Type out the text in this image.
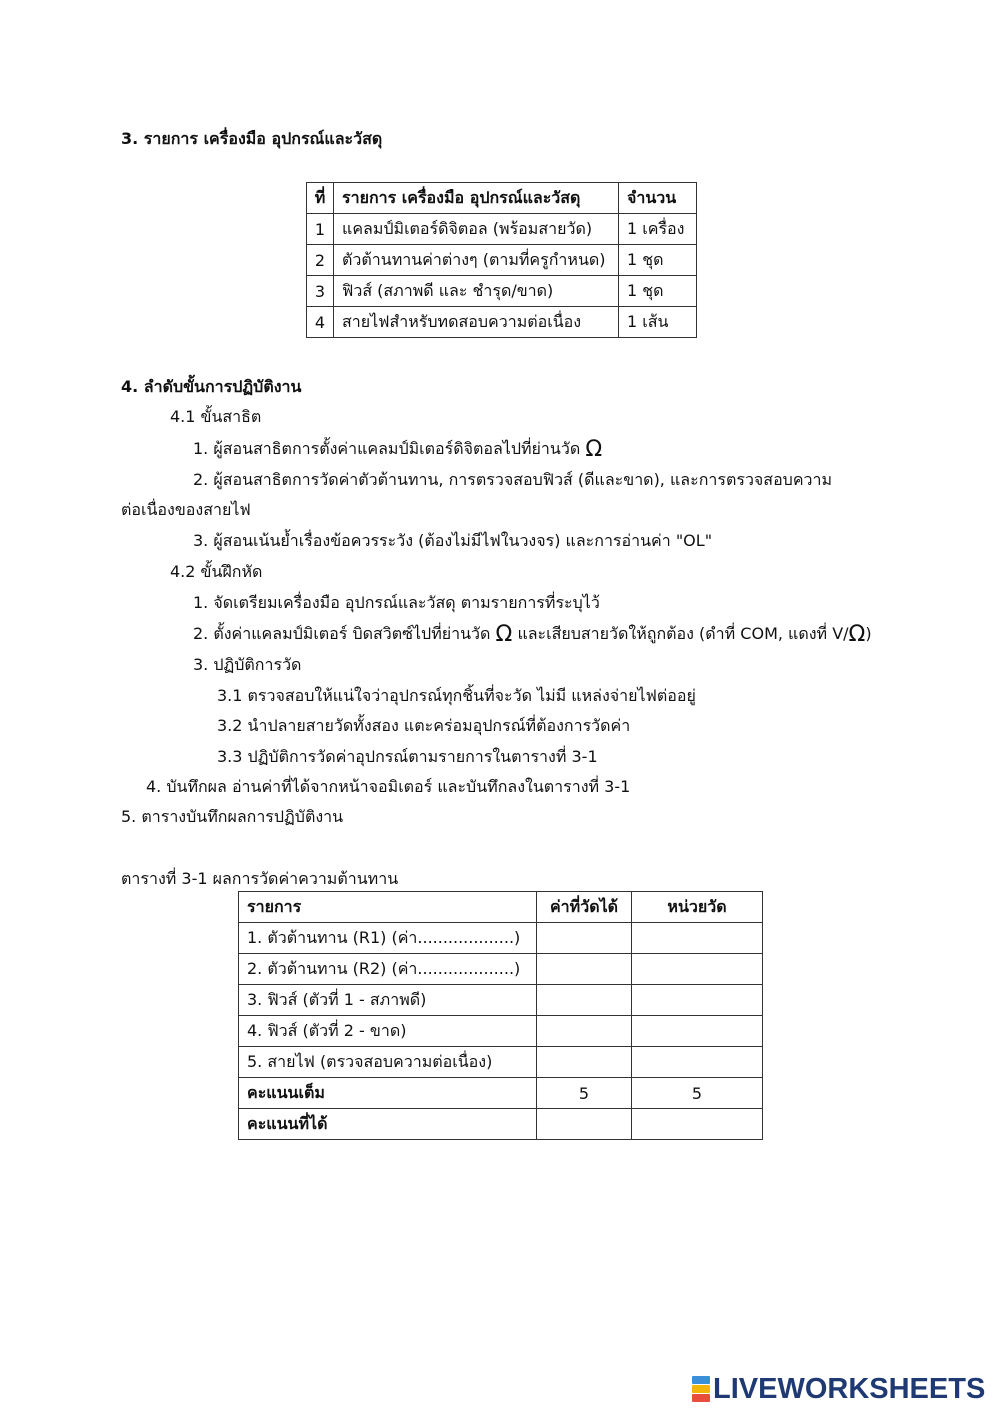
3. รายการ เครื่องมือ อุปกรณ์และวัสดุ
ที่	รายการ เครื่องมือ อุปกรณ์และวัสดุ	จำนวน
1	แคลมป์มิเตอร์ดิจิตอล (พร้อมสายวัด)	1 เครื่อง
2	ตัวต้านทานค่าต่างๆ (ตามที่ครูกำหนด)	1 ชุด
3	ฟิวส์ (สภาพดี และ ชำรุด/ขาด)	1 ชุด
4	สายไฟสำหรับทดสอบความต่อเนื่อง	1 เส้น
4. ลำดับขั้นการปฏิบัติงาน
4.1 ขั้นสาธิต
1. ผู้สอนสาธิตการตั้งค่าแคลมป์มิเตอร์ดิจิตอลไปที่ย่านวัด Ω
2. ผู้สอนสาธิตการวัดค่าตัวต้านทาน, การตรวจสอบฟิวส์ (ดีและขาด), และการตรวจสอบความ
ต่อเนื่องของสายไฟ
3. ผู้สอนเน้นย้ำเรื่องข้อควรระวัง (ต้องไม่มีไฟในวงจร) และการอ่านค่า "OL"
4.2 ขั้นฝึกหัด
1. จัดเตรียมเครื่องมือ อุปกรณ์และวัสดุ ตามรายการที่ระบุไว้
2. ตั้งค่าแคลมป์มิเตอร์ บิดสวิตซ์ไปที่ย่านวัด Ω และเสียบสายวัดให้ถูกต้อง (ดำที่ COM, แดงที่ V/Ω)
3. ปฏิบัติการวัด
3.1 ตรวจสอบให้แน่ใจว่าอุปกรณ์ทุกชิ้นที่จะวัด ไม่มี แหล่งจ่ายไฟต่ออยู่
3.2 นำปลายสายวัดทั้งสอง แตะคร่อมอุปกรณ์ที่ต้องการวัดค่า
3.3 ปฏิบัติการวัดค่าอุปกรณ์ตามรายการในตารางที่ 3-1
4. บันทึกผล อ่านค่าที่ได้จากหน้าจอมิเตอร์ และบันทึกลงในตารางที่ 3-1
5. ตารางบันทึกผลการปฏิบัติงาน
ตารางที่ 3-1 ผลการวัดค่าความต้านทาน
รายการ	ค่าที่วัดได้	หน่วยวัด
1. ตัวต้านทาน (R1) (ค่า...................)		
2. ตัวต้านทาน (R2) (ค่า...................)		
3. ฟิวส์ (ตัวที่ 1 - สภาพดี)		
4. ฟิวส์ (ตัวที่ 2 - ขาด)		
5. สายไฟ (ตรวจสอบความต่อเนื่อง)		
คะแนนเต็ม	5	5
คะแนนที่ได้		
LIVEWORKSHEETS
